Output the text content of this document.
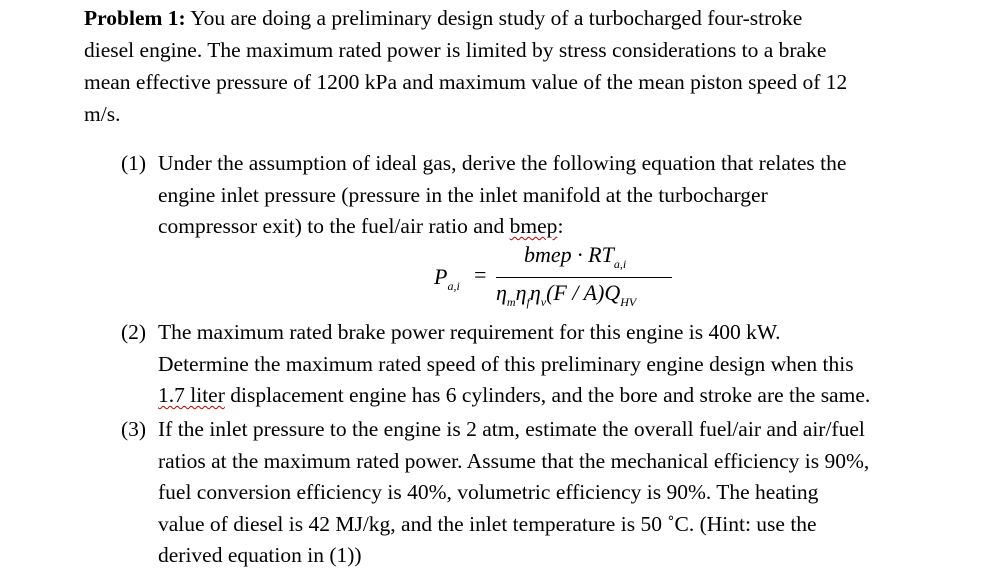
Problem 1: You are doing a preliminary design study of a turbocharged four-stroke
diesel engine. The maximum rated power is limited by stress considerations to a brake
mean effective pressure of 1200 kPa and maximum value of the mean piston speed of 12
m/s.
(1) Under the assumption of ideal gas, derive the following equation that relates the
engine inlet pressure (pressure in the inlet manifold at the turbocharger
compressor exit) to the fuel/air ratio and bmep:
$P_{a,i}$ =
bmep · $RT_{a,i}$
$\eta_m\eta_f\eta_v(F / A)Q_{HV}$
(2) The maximum rated brake power requirement for this engine is 400 kW.
Determine the maximum rated speed of this preliminary engine design when this
1.7 liter displacement engine has 6 cylinders, and the bore and stroke are the same.
(3) If the inlet pressure to the engine is 2 atm, estimate the overall fuel/air and air/fuel
ratios at the maximum rated power. Assume that the mechanical efficiency is 90%,
fuel conversion efficiency is 40%, volumetric efficiency is 90%. The heating
value of diesel is 42 MJ/kg, and the inlet temperature is 50 ˚C. (Hint: use the
derived equation in (1))
